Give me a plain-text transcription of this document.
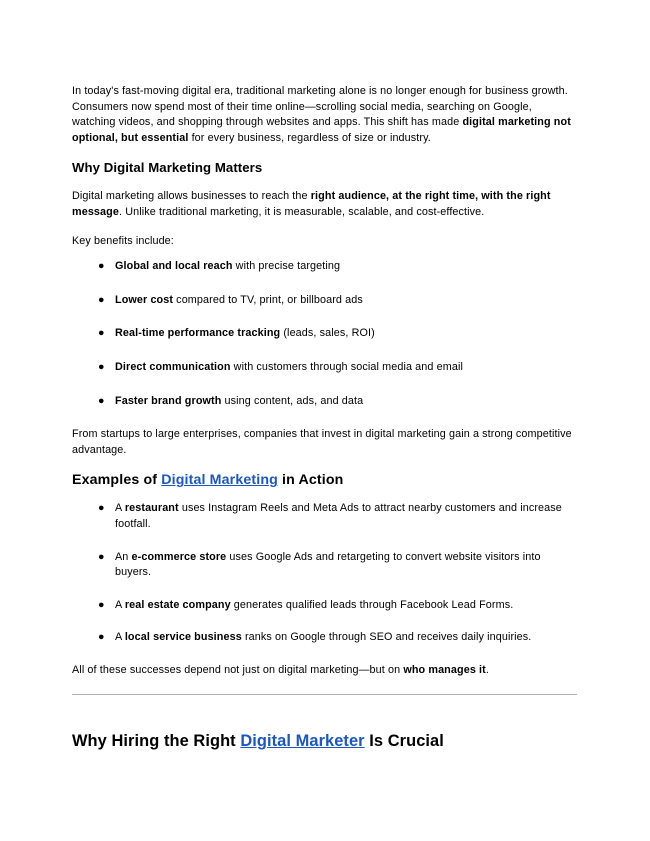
In today's fast-moving digital era, traditional marketing alone is no longer enough for business growth. Consumers now spend most of their time online—scrolling social media, searching on Google, watching videos, and shopping through websites and apps. This shift has made digital marketing not optional, but essential for every business, regardless of size or industry.

Why Digital Marketing Matters

Digital marketing allows businesses to reach the right audience, at the right time, with the right message. Unlike traditional marketing, it is measurable, scalable, and cost-effective.

Key benefits include:

● Global and local reach with precise targeting
● Lower cost compared to TV, print, or billboard ads
● Real-time performance tracking (leads, sales, ROI)
● Direct communication with customers through social media and email
● Faster brand growth using content, ads, and data

From startups to large enterprises, companies that invest in digital marketing gain a strong competitive advantage.

Examples of Digital Marketing in Action
● A restaurant uses Instagram Reels and Meta Ads to attract nearby customers and increase footfall.
● An e-commerce store uses Google Ads and retargeting to convert website visitors into buyers.
● A real estate company generates qualified leads through Facebook Lead Forms.
● A local service business ranks on Google through SEO and receives daily inquiries.

All of these successes depend not just on digital marketing—but on who manages it.

Why Hiring the Right Digital Marketer Is Crucial
